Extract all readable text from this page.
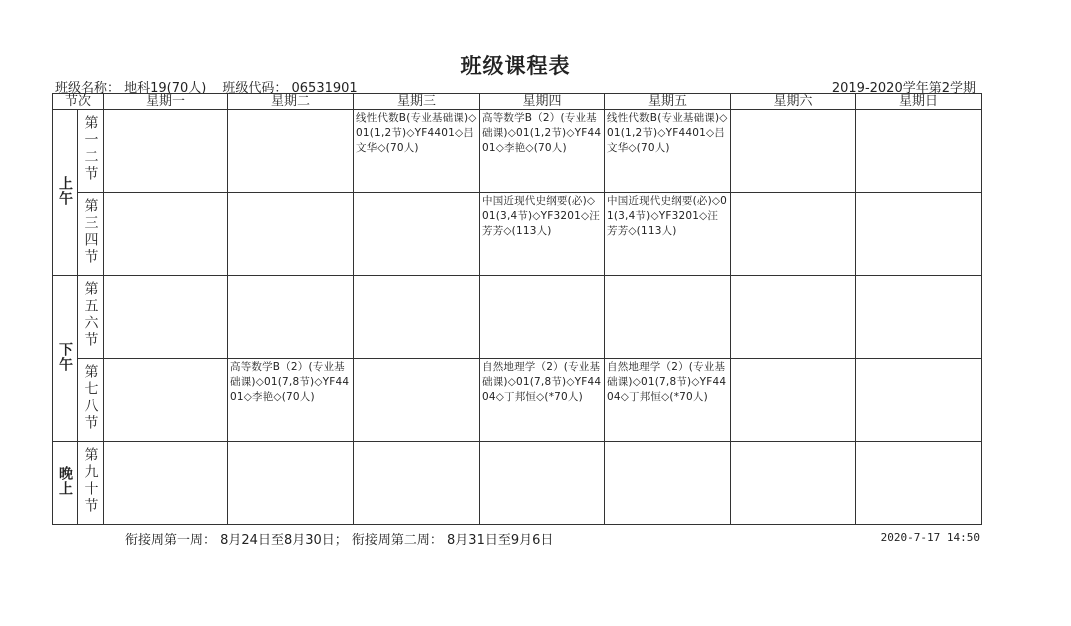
班级课程表
班级名称： 地科19(70人) 班级代码： 06531901	2019-2020学年第2学期
节次		星期一	星期二	星期三	星期四	星期五	星期六	星期日
上午	第一二节			线性代数B(专业基础课)◇01(1,2节)◇YF4401◇吕文华◇(70人)	高等数学B（2）(专业基础课)◇01(1,2节)◇YF4401◇李艳◇(70人)	线性代数B(专业基础课)◇01(1,2节)◇YF4401◇吕文华◇(70人)		

	第三四节				中国近现代史纲要(必)◇01(3,4节)◇YF3201◇汪芳芳◇(113人)	中国近现代史纲要(必)◇01(3,4节)◇YF3201◇汪芳芳◇(113人)		

下午	第五六节							
	第七八节		高等数学B（2）(专业基础课)◇01(7,8节)◇YF4401◇李艳◇(70人)		自然地理学（2）(专业基础课)◇01(7,8节)◇YF4404◇丁邦恒◇(*70人)	自然地理学（2）(专业基础课)◇01(7,8节)◇YF4404◇丁邦恒◇(*70人)		

晚上	第九十节							
衔接周第一周： 8月24日至8月30日； 衔接周第二周： 8月31日至9月6日	2020-7-17 14:50
